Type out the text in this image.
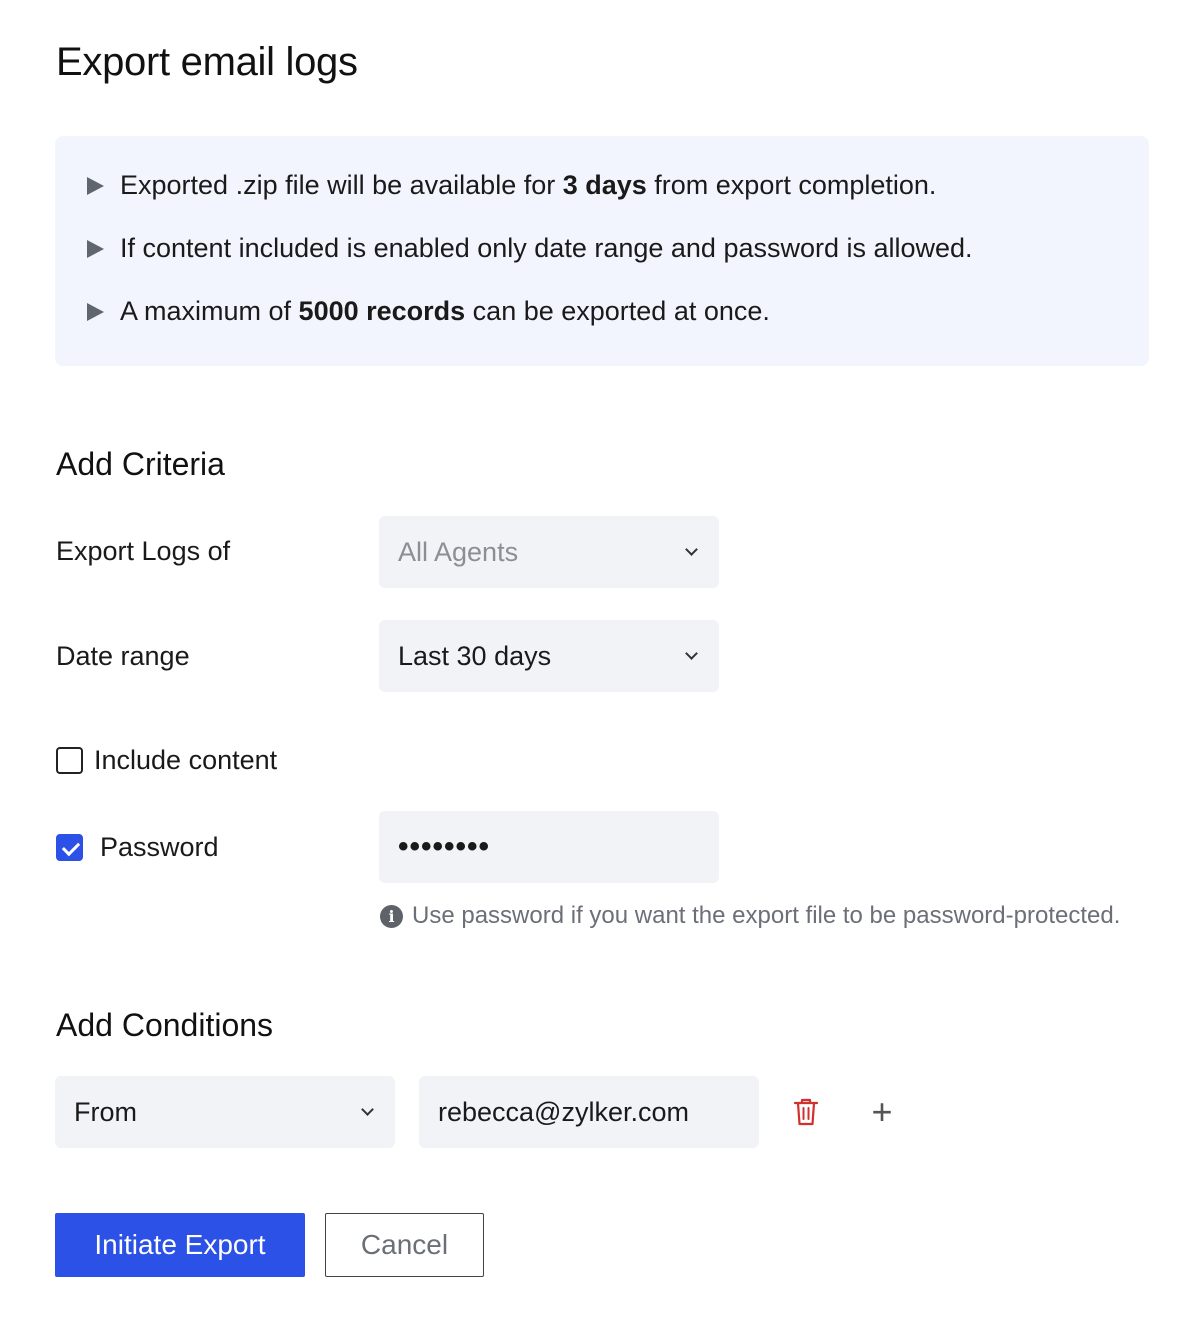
Export email logs
Exported .zip file will be available for 3 days from export completion.
If content included is enabled only date range and password is allowed.
A maximum of 5000 records can be exported at once.
Add Criteria
Export Logs of	All Agents
Date range	Last 30 days
Include content
Password	••••••••
i Use password if you want the export file to be password-protected.
Add Conditions
From	rebecca@zylker.com	+
Initiate Export	Cancel
